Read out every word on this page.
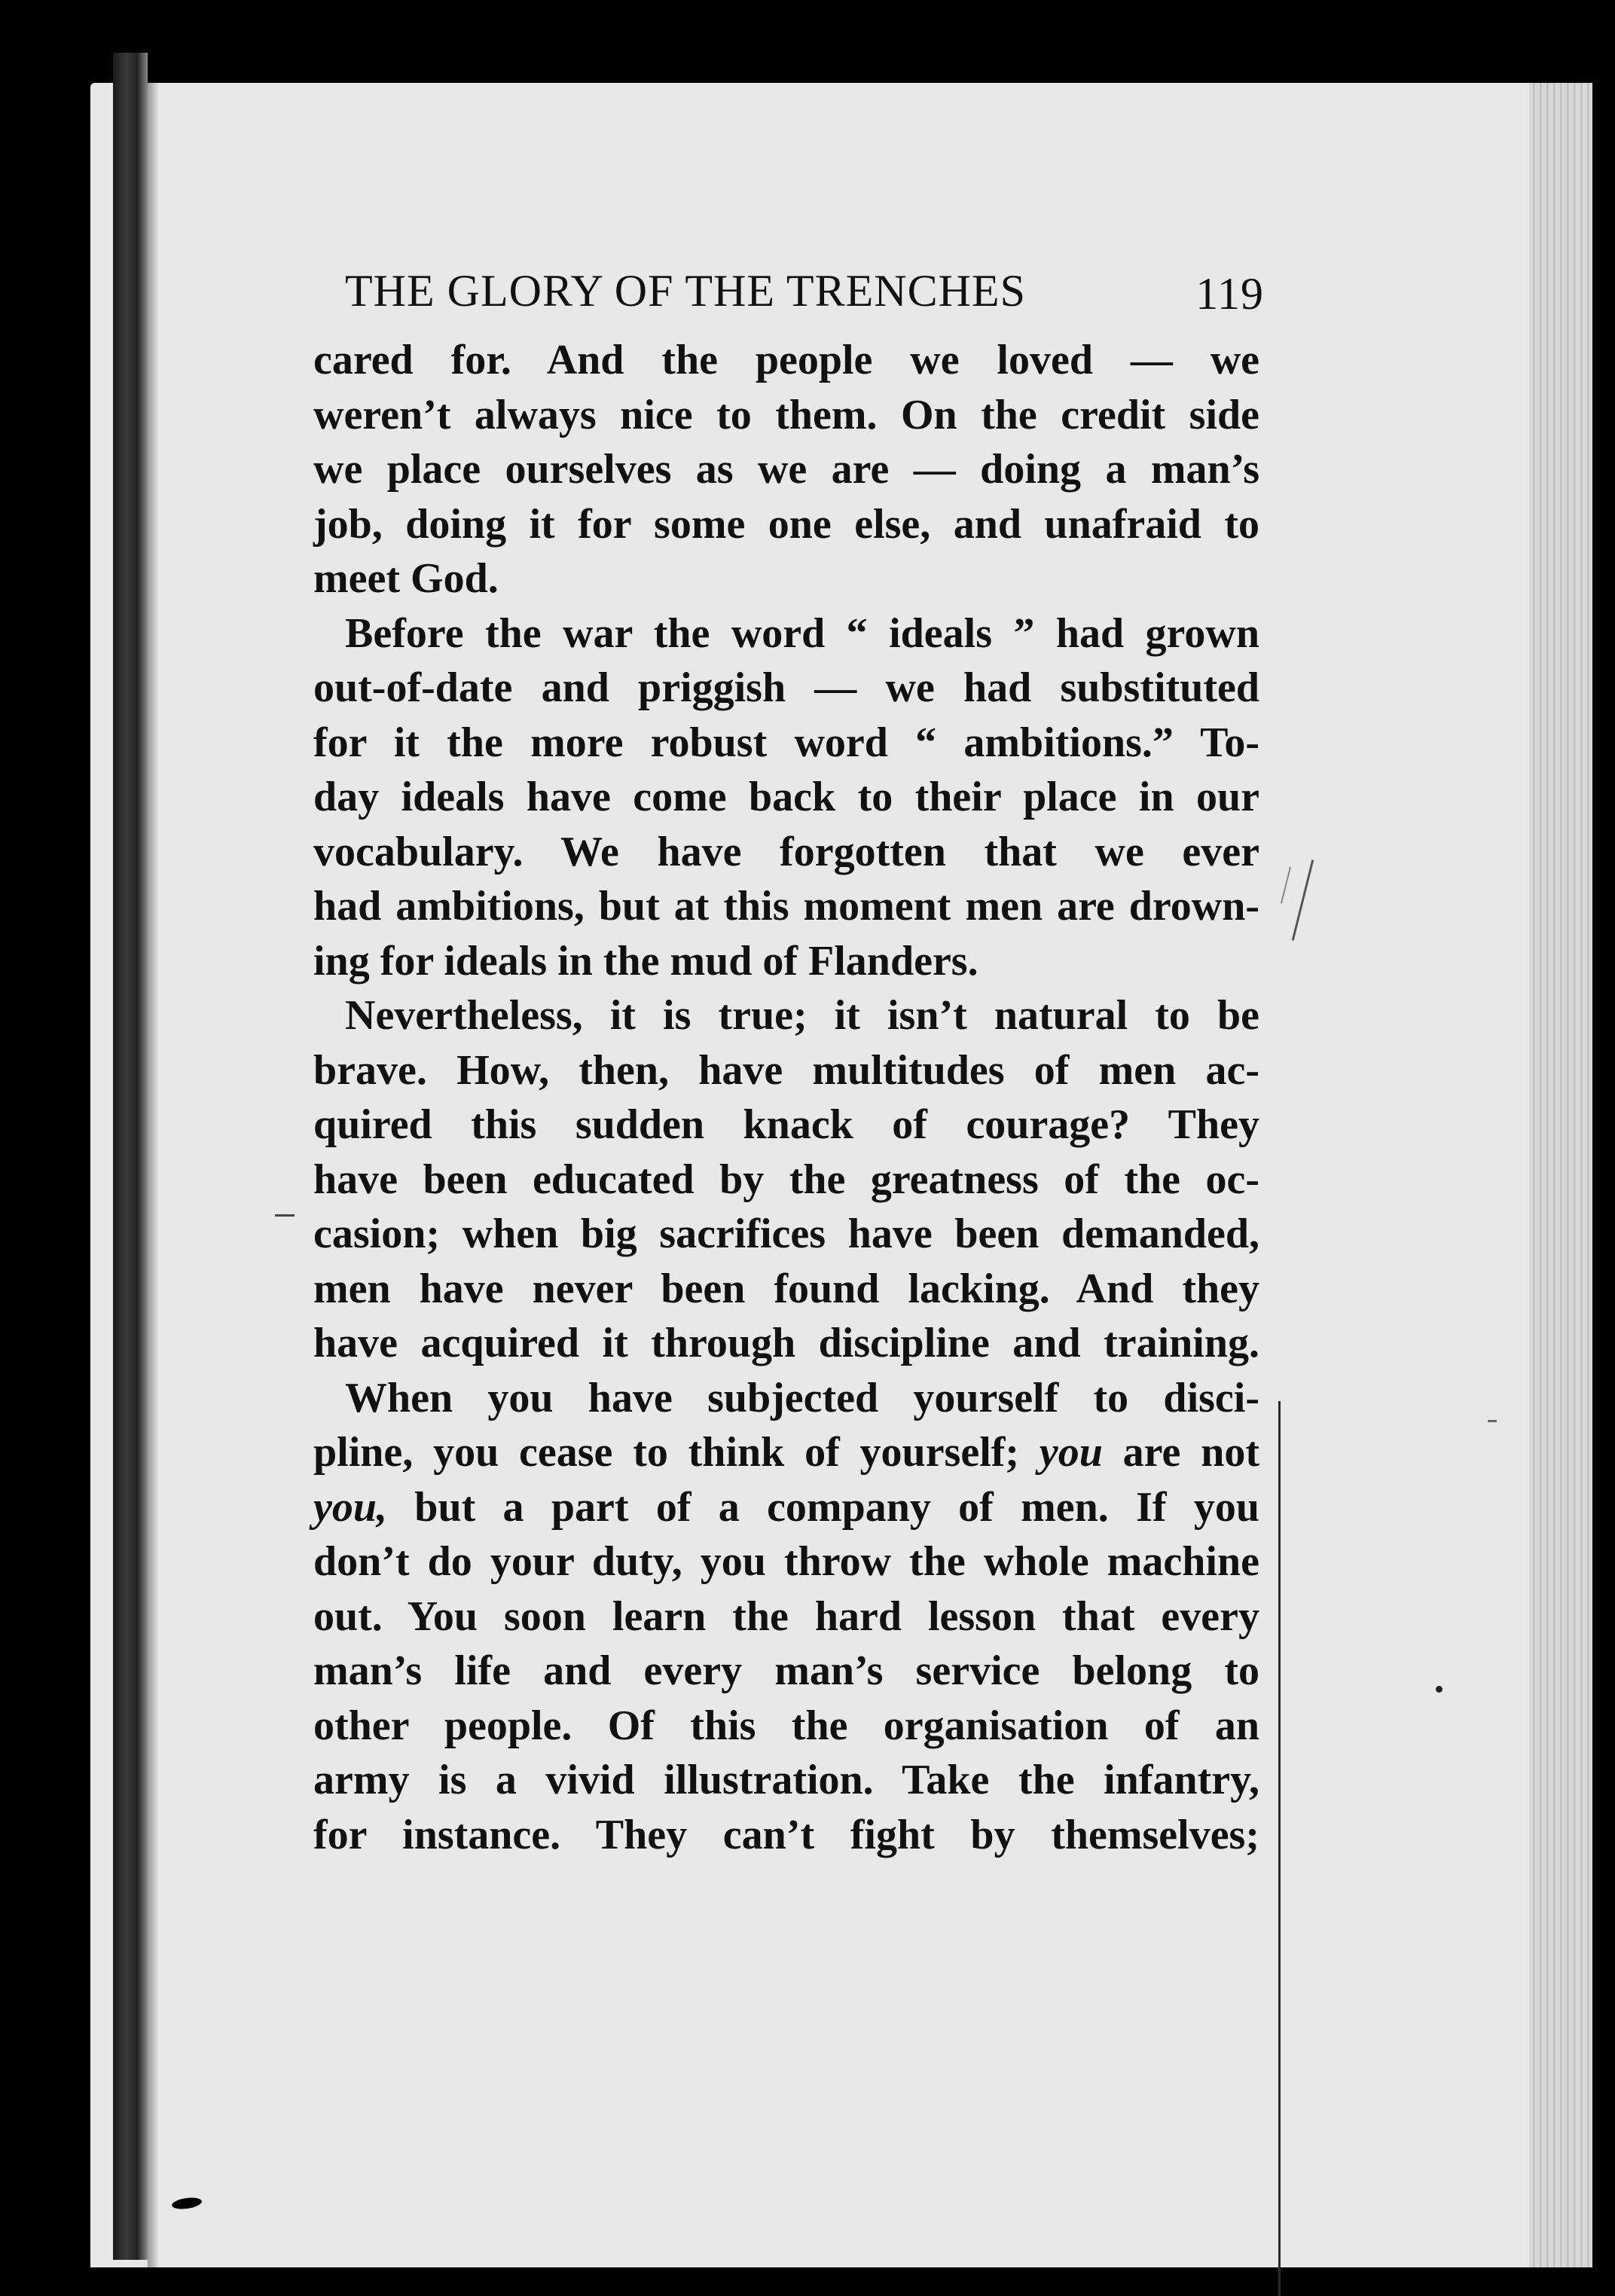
THE GLORY OF THE TRENCHES	119

cared for. And the people we loved — we
weren’t always nice to them. On the credit side
we place ourselves as we are — doing a man’s
job, doing it for some one else, and unafraid to
meet God.

Before the war the word “ ideals ” had grown
out-of-date and priggish — we had substituted
for it the more robust word “ ambitions.” To-
day ideals have come back to their place in our
vocabulary. We have forgotten that we ever
had ambitions, but at this moment men are drown-
ing for ideals in the mud of Flanders.

Nevertheless, it is true; it isn’t natural to be
brave. How, then, have multitudes of men ac-
quired this sudden knack of courage? They
have been educated by the greatness of the oc-
casion; when big sacrifices have been demanded,
men have never been found lacking. And they
have acquired it through discipline and training.

When you have subjected yourself to disci-
pline, you cease to think of yourself; you are not
you, but a part of a company of men. If you
don’t do your duty, you throw the whole machine
out. You soon learn the hard lesson that every
man’s life and every man’s service belong to
other people. Of this the organisation of an
army is a vivid illustration. Take the infantry,
for instance. They can’t fight by themselves;
